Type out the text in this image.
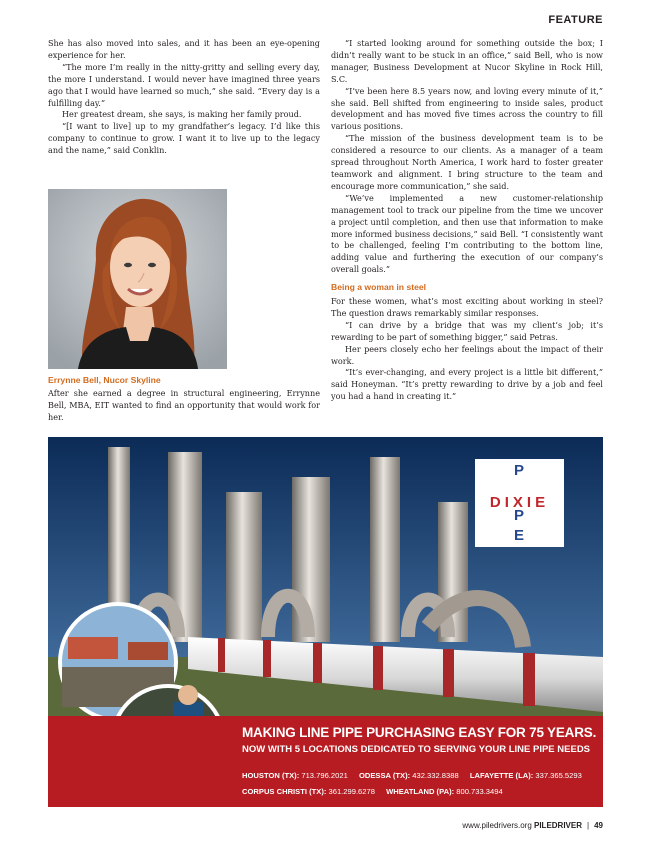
FEATURE

She has also moved into sales, and it has been an eye-opening experience for her.

“The more I’m really in the nitty-gritty and selling every day, the more I understand. I would never have imagined three years ago that I would have learned so much,” she said. “Every day is a fulfilling day.”

Her greatest dream, she says, is making her family proud.

“[I want to live] up to my grandfather’s legacy. I’d like this company to continue to grow. I want it to live up to the legacy and the name,” said Conklin.

Errynne Bell, Nucor Skyline

After she earned a degree in structural engineering, Errynne Bell, MBA, EIT wanted to find an opportunity that would work for her.

“I started looking around for something outside the box; I didn’t really want to be stuck in an office,” said Bell, who is now manager, Business Development at Nucor Skyline in Rock Hill, S.C.

“I’ve been here 8.5 years now, and loving every minute of it,” she said. Bell shifted from engineering to inside sales, product development and has moved five times across the country to fill various positions.

“The mission of the business development team is to be considered a resource to our clients. As a manager of a team spread throughout North America, I work hard to foster greater teamwork and alignment. I bring structure to the team and encourage more communication,” she said.

“We’ve implemented a new customer-relationship management tool to track our pipeline from the time we uncover a project until completion, and then use that information to make more informed business decisions,” said Bell. “I consistently want to be challenged, feeling I’m contributing to the bottom line, adding value and furthering the execution of our company’s overall goals.”

Being a woman in steel

For these women, what’s most exciting about working in steel? The question draws remarkably similar responses.

“I can drive by a bridge that was my client’s job; it’s rewarding to be part of something bigger,” said Petras.

Her peers closely echo her feelings about the impact of their work.

“It’s ever-changing, and every project is a little bit different,” said Honeyman. “It’s pretty rewarding to drive by a job and feel you had a hand in creating it.”

P
DIXIE
P
E
MAKING LINE PIPE PURCHASING EASY FOR 75 YEARS.
NOW WITH 5 LOCATIONS DEDICATED TO SERVING YOUR LINE PIPE NEEDS
HOUSTON (TX): 713.796.2021 ODESSA (TX): 432.332.8388 LAFAYETTE (LA): 337.365.5293
CORPUS CHRISTI (TX): 361.299.6278 WHEATLAND (PA): 800.733.3494
www.piledrivers.org PILEDRIVER | 49
